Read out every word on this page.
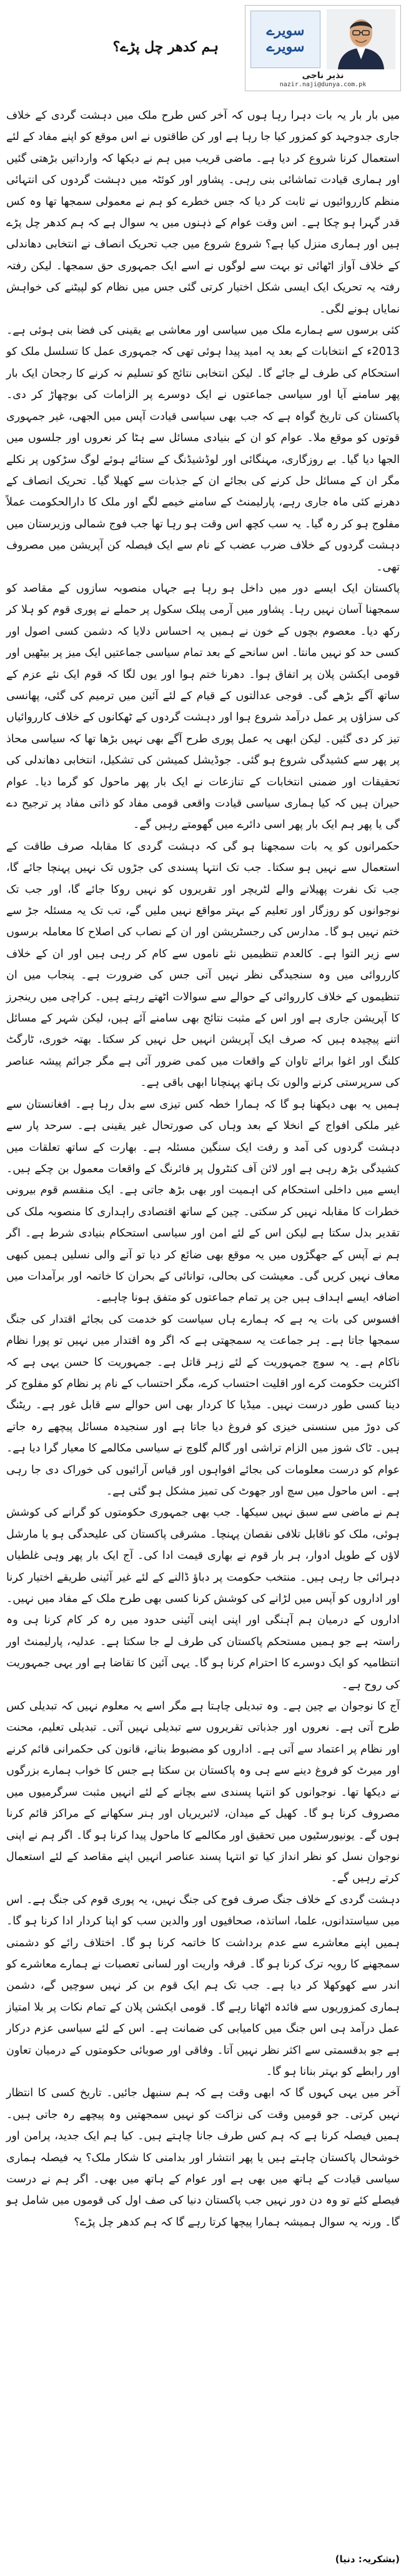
ہم کدھر چل پڑے؟
سویرے سویرے
نذیر ناجی
nazir.naji@dunya.com.pk

میں بار بار یہ بات دہرا رہا ہوں کہ آخر کس طرح ملک میں دہشت گردی کے خلاف جاری جدوجہد کو کمزور کیا جا رہا ہے اور کن طاقتوں نے اس موقع کو اپنے مفاد کے لئے استعمال کرنا شروع کر دیا ہے۔ ماضی قریب میں ہم نے دیکھا کہ وارداتیں بڑھتی گئیں اور ہماری قیادت تماشائی بنی رہی۔ پشاور اور کوئٹہ میں دہشت گردوں کی انتہائی منظم کارروائیوں نے ثابت کر دیا کہ جس خطرے کو ہم نے معمولی سمجھا تھا وہ کس قدر گہرا ہو چکا ہے۔ اس وقت عوام کے ذہنوں میں یہ سوال ہے کہ ہم کدھر چل پڑے ہیں اور ہماری منزل کیا ہے؟ شروع شروع میں جب تحریک انصاف نے انتخابی دھاندلی کے خلاف آواز اٹھائی تو بہت سے لوگوں نے اسے ایک جمہوری حق سمجھا۔ لیکن رفتہ رفتہ یہ تحریک ایک ایسی شکل اختیار کرتی گئی جس میں نظام کو لپیٹنے کی خواہش نمایاں ہونے لگی۔

کئی برسوں سے ہمارے ملک میں سیاسی اور معاشی بے یقینی کی فضا بنی ہوئی ہے۔ 2013ء کے انتخابات کے بعد یہ امید پیدا ہوئی تھی کہ جمہوری عمل کا تسلسل ملک کو استحکام کی طرف لے جائے گا۔ لیکن انتخابی نتائج کو تسلیم نہ کرنے کا رجحان ایک بار پھر سامنے آیا اور سیاسی جماعتوں نے ایک دوسرے پر الزامات کی بوچھاڑ کر دی۔ پاکستان کی تاریخ گواہ ہے کہ جب بھی سیاسی قیادت آپس میں الجھی، غیر جمہوری قوتوں کو موقع ملا۔ عوام کو ان کے بنیادی مسائل سے ہٹا کر نعروں اور جلسوں میں الجھا دیا گیا۔ بے روزگاری، مہنگائی اور لوڈشیڈنگ کے ستائے ہوئے لوگ سڑکوں پر نکلے مگر ان کے مسائل حل کرنے کی بجائے ان کے جذبات سے کھیلا گیا۔ تحریک انصاف کے دھرنے کئی ماہ جاری رہے، پارلیمنٹ کے سامنے خیمے لگے اور ملک کا دارالحکومت عملاً مفلوج ہو کر رہ گیا۔ یہ سب کچھ اس وقت ہو رہا تھا جب فوج شمالی وزیرستان میں دہشت گردوں کے خلاف ضرب عضب کے نام سے ایک فیصلہ کن آپریشن میں مصروف تھی۔

پاکستان ایک ایسے دور میں داخل ہو رہا ہے جہاں منصوبہ سازوں کے مقاصد کو سمجھنا آسان نہیں رہا۔ پشاور میں آرمی پبلک سکول پر حملے نے پوری قوم کو ہلا کر رکھ دیا۔ معصوم بچوں کے خون نے ہمیں یہ احساس دلایا کہ دشمن کسی اصول اور کسی حد کو نہیں مانتا۔ اس سانحے کے بعد تمام سیاسی جماعتیں ایک میز پر بیٹھیں اور قومی ایکشن پلان پر اتفاق ہوا۔ دھرنا ختم ہوا اور یوں لگا کہ قوم ایک نئے عزم کے ساتھ آگے بڑھے گی۔ فوجی عدالتوں کے قیام کے لئے آئین میں ترمیم کی گئی، پھانسی کی سزاؤں پر عمل درآمد شروع ہوا اور دہشت گردوں کے ٹھکانوں کے خلاف کارروائیاں تیز کر دی گئیں۔ لیکن ابھی یہ عمل پوری طرح آگے بھی نہیں بڑھا تھا کہ سیاسی محاذ پر پھر سے کشیدگی شروع ہو گئی۔ جوڈیشل کمیشن کی تشکیل، انتخابی دھاندلی کی تحقیقات اور ضمنی انتخابات کے تنازعات نے ایک بار پھر ماحول کو گرما دیا۔ عوام حیران ہیں کہ کیا ہماری سیاسی قیادت واقعی قومی مفاد کو ذاتی مفاد پر ترجیح دے گی یا پھر ہم ایک بار پھر اسی دائرے میں گھومتے رہیں گے۔

حکمرانوں کو یہ بات سمجھنا ہو گی کہ دہشت گردی کا مقابلہ صرف طاقت کے استعمال سے نہیں ہو سکتا۔ جب تک انتہا پسندی کی جڑوں تک نہیں پہنچا جائے گا، جب تک نفرت پھیلانے والے لٹریچر اور تقریروں کو نہیں روکا جائے گا، اور جب تک نوجوانوں کو روزگار اور تعلیم کے بہتر مواقع نہیں ملیں گے، تب تک یہ مسئلہ جڑ سے ختم نہیں ہو گا۔ مدارس کی رجسٹریشن اور ان کے نصاب کی اصلاح کا معاملہ برسوں سے زیر التوا ہے۔ کالعدم تنظیمیں نئے ناموں سے کام کر رہی ہیں اور ان کے خلاف کارروائی میں وہ سنجیدگی نظر نہیں آتی جس کی ضرورت ہے۔ پنجاب میں ان تنظیموں کے خلاف کارروائی کے حوالے سے سوالات اٹھتے رہتے ہیں۔ کراچی میں رینجرز کا آپریشن جاری ہے اور اس کے مثبت نتائج بھی سامنے آئے ہیں، لیکن شہر کے مسائل اتنے پیچیدہ ہیں کہ صرف ایک آپریشن انہیں حل نہیں کر سکتا۔ بھتہ خوری، ٹارگٹ کلنگ اور اغوا برائے تاوان کے واقعات میں کمی ضرور آئی ہے مگر جرائم پیشہ عناصر کی سرپرستی کرنے والوں تک ہاتھ پہنچانا ابھی باقی ہے۔

ہمیں یہ بھی دیکھنا ہو گا کہ ہمارا خطہ کس تیزی سے بدل رہا ہے۔ افغانستان سے غیر ملکی افواج کے انخلا کے بعد وہاں کی صورتحال غیر یقینی ہے۔ سرحد پار سے دہشت گردوں کی آمد و رفت ایک سنگین مسئلہ ہے۔ بھارت کے ساتھ تعلقات میں کشیدگی بڑھ رہی ہے اور لائن آف کنٹرول پر فائرنگ کے واقعات معمول بن چکے ہیں۔ ایسے میں داخلی استحکام کی اہمیت اور بھی بڑھ جاتی ہے۔ ایک منقسم قوم بیرونی خطرات کا مقابلہ نہیں کر سکتی۔ چین کے ساتھ اقتصادی راہداری کا منصوبہ ملک کی تقدیر بدل سکتا ہے لیکن اس کے لئے امن اور سیاسی استحکام بنیادی شرط ہے۔ اگر ہم نے آپس کے جھگڑوں میں یہ موقع بھی ضائع کر دیا تو آنے والی نسلیں ہمیں کبھی معاف نہیں کریں گی۔ معیشت کی بحالی، توانائی کے بحران کا خاتمہ اور برآمدات میں اضافہ ایسے اہداف ہیں جن پر تمام جماعتوں کو متفق ہونا چاہیے۔

افسوس کی بات یہ ہے کہ ہمارے ہاں سیاست کو خدمت کی بجائے اقتدار کی جنگ سمجھا جاتا ہے۔ ہر جماعت یہ سمجھتی ہے کہ اگر وہ اقتدار میں نہیں تو پورا نظام ناکام ہے۔ یہ سوچ جمہوریت کے لئے زہر قاتل ہے۔ جمہوریت کا حسن یہی ہے کہ اکثریت حکومت کرے اور اقلیت احتساب کرے، مگر احتساب کے نام پر نظام کو مفلوج کر دینا کسی طور درست نہیں۔ میڈیا کا کردار بھی اس حوالے سے قابل غور ہے۔ ریٹنگ کی دوڑ میں سنسنی خیزی کو فروغ دیا جاتا ہے اور سنجیدہ مسائل پیچھے رہ جاتے ہیں۔ ٹاک شوز میں الزام تراشی اور گالم گلوچ نے سیاسی مکالمے کا معیار گرا دیا ہے۔ عوام کو درست معلومات کی بجائے افواہوں اور قیاس آرائیوں کی خوراک دی جا رہی ہے۔ اس ماحول میں سچ اور جھوٹ کی تمیز مشکل ہو گئی ہے۔

ہم نے ماضی سے سبق نہیں سیکھا۔ جب بھی جمہوری حکومتوں کو گرانے کی کوشش ہوئی، ملک کو ناقابل تلافی نقصان پہنچا۔ مشرقی پاکستان کی علیحدگی ہو یا مارشل لاؤں کے طویل ادوار، ہر بار قوم نے بھاری قیمت ادا کی۔ آج ایک بار پھر وہی غلطیاں دہرائی جا رہی ہیں۔ منتخب حکومت پر دباؤ ڈالنے کے لئے غیر آئینی طریقے اختیار کرنا اور اداروں کو آپس میں لڑانے کی کوشش کرنا کسی بھی طرح ملک کے مفاد میں نہیں۔ اداروں کے درمیان ہم آہنگی اور اپنی اپنی آئینی حدود میں رہ کر کام کرنا ہی وہ راستہ ہے جو ہمیں مستحکم پاکستان کی طرف لے جا سکتا ہے۔ عدلیہ، پارلیمنٹ اور انتظامیہ کو ایک دوسرے کا احترام کرنا ہو گا۔ یہی آئین کا تقاضا ہے اور یہی جمہوریت کی روح ہے۔

آج کا نوجوان بے چین ہے۔ وہ تبدیلی چاہتا ہے مگر اسے یہ معلوم نہیں کہ تبدیلی کس طرح آتی ہے۔ نعروں اور جذباتی تقریروں سے تبدیلی نہیں آتی۔ تبدیلی تعلیم، محنت اور نظام پر اعتماد سے آتی ہے۔ اداروں کو مضبوط بنانے، قانون کی حکمرانی قائم کرنے اور میرٹ کو فروغ دینے سے ہی وہ پاکستان بن سکتا ہے جس کا خواب ہمارے بزرگوں نے دیکھا تھا۔ نوجوانوں کو انتہا پسندی سے بچانے کے لئے انہیں مثبت سرگرمیوں میں مصروف کرنا ہو گا۔ کھیل کے میدان، لائبریریاں اور ہنر سکھانے کے مراکز قائم کرنا ہوں گے۔ یونیورسٹیوں میں تحقیق اور مکالمے کا ماحول پیدا کرنا ہو گا۔ اگر ہم نے اپنی نوجوان نسل کو نظر انداز کیا تو انتہا پسند عناصر انہیں اپنے مقاصد کے لئے استعمال کرتے رہیں گے۔

دہشت گردی کے خلاف جنگ صرف فوج کی جنگ نہیں، یہ پوری قوم کی جنگ ہے۔ اس میں سیاستدانوں، علما، اساتذہ، صحافیوں اور والدین سب کو اپنا کردار ادا کرنا ہو گا۔ ہمیں اپنے معاشرے سے عدم برداشت کا خاتمہ کرنا ہو گا۔ اختلاف رائے کو دشمنی سمجھنے کا رویہ ترک کرنا ہو گا۔ فرقہ واریت اور لسانی تعصبات نے ہمارے معاشرے کو اندر سے کھوکھلا کر دیا ہے۔ جب تک ہم ایک قوم بن کر نہیں سوچیں گے، دشمن ہماری کمزوریوں سے فائدہ اٹھاتا رہے گا۔ قومی ایکشن پلان کے تمام نکات پر بلا امتیاز عمل درآمد ہی اس جنگ میں کامیابی کی ضمانت ہے۔ اس کے لئے سیاسی عزم درکار ہے جو بدقسمتی سے اکثر نظر نہیں آتا۔ وفاقی اور صوبائی حکومتوں کے درمیان تعاون اور رابطے کو بہتر بنانا ہو گا۔

آخر میں یہی کہوں گا کہ ابھی وقت ہے کہ ہم سنبھل جائیں۔ تاریخ کسی کا انتظار نہیں کرتی۔ جو قومیں وقت کی نزاکت کو نہیں سمجھتیں وہ پیچھے رہ جاتی ہیں۔ ہمیں فیصلہ کرنا ہے کہ ہم کس طرف جانا چاہتے ہیں۔ کیا ہم ایک جدید، پرامن اور خوشحال پاکستان چاہتے ہیں یا پھر انتشار اور بدامنی کا شکار ملک؟ یہ فیصلہ ہماری سیاسی قیادت کے ہاتھ میں بھی ہے اور عوام کے ہاتھ میں بھی۔ اگر ہم نے درست فیصلے کئے تو وہ دن دور نہیں جب پاکستان دنیا کی صف اول کی قوموں میں شامل ہو گا۔ ورنہ یہ سوال ہمیشہ ہمارا پیچھا کرتا رہے گا کہ ہم کدھر چل پڑے؟

(بشکریہ: دنیا)
